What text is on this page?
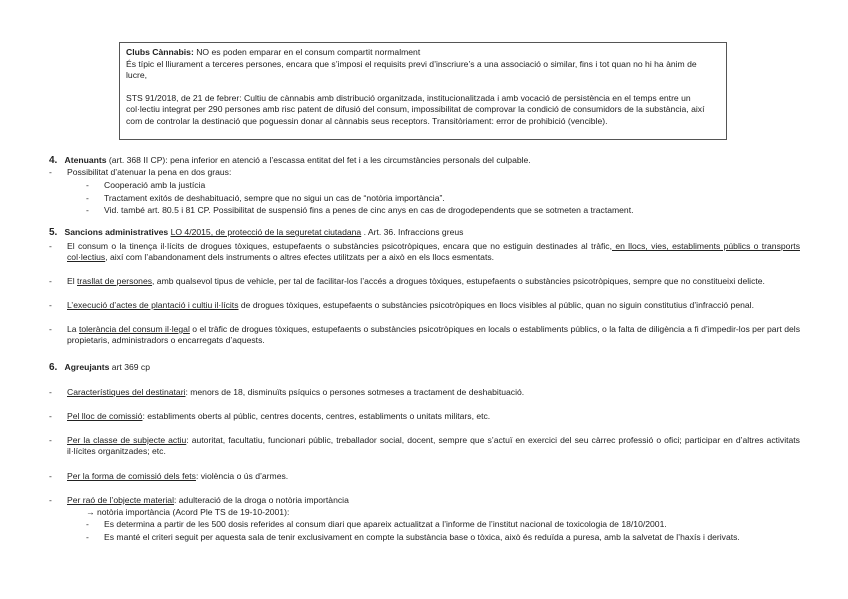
Clubs Cànnabis: NO es poden emparar en el consum compartit normalment

És típic el lliurament a terceres persones, encara que s’imposi el requisits previ d’inscriure’s a una associació o similar, fins i tot quan no hi ha ànim de lucre,

STS 91/2018, de 21 de febrer: Cultiu de cànnabis amb distribució organitzada, institucionalitzada i amb vocació de persistència en el temps entre un col·lectiu integrat per 290 persones amb risc patent de difusió del consum, impossibilitat de comprovar la condició de consumidors de la substància, així com de controlar la destinació que poguessin donar al cànnabis seus receptors. Transitòriament: error de prohibició (vencible).

4. Atenuants (art. 368 II CP): pena inferior en atenció a l’escassa entitat del fet i a les circumstàncies personals del culpable.
- Possibilitat d’atenuar la pena en dos graus:
- Cooperació amb la justícia
- Tractament exitós de deshabituació, sempre que no sigui un cas de “notòria importància”.
- Vid. també art. 80.5 i 81 CP. Possibilitat de suspensió fins a penes de cinc anys en cas de drogodependents que se sotmeten a tractament.
5. Sancions administratives LO 4/2015, de protecció de la seguretat ciutadana . Art. 36. Infraccions greus
- El consum o la tinença il·lícits de drogues tòxiques, estupefaents o substàncies psicotròpiques, encara que no estiguin destinades al tràfic, en llocs, vies, establiments públics o transports col·lectius, així com l’abandonament dels instruments o altres efectes utilitzats per a això en els llocs esmentats.
- El trasllat de persones, amb qualsevol tipus de vehicle, per tal de facilitar-los l’accés a drogues tòxiques, estupefaents o substàncies psicotròpiques, sempre que no constitueixi delicte.
- L’execució d’actes de plantació i cultiu il·lícits de drogues tòxiques, estupefaents o substàncies psicotròpiques en llocs visibles al públic, quan no siguin constitutius d’infracció penal.
- La tolerància del consum il·legal o el tràfic de drogues tòxiques, estupefaents o substàncies psicotròpiques en locals o establiments públics, o la falta de diligència a fi d’impedir-los per part dels propietaris, administradors o encarregats d’aquests.
6. Agreujants art 369 cp
- Característiques del destinatari: menors de 18, disminuïts psíquics o persones sotmeses a tractament de deshabituació.
- Pel lloc de comissió: establiments oberts al públic, centres docents, centres, establiments o unitats militars, etc.
- Per la classe de subjecte actiu: autoritat, facultatiu, funcionari públic, treballador social, docent, sempre que s’actuï en exercici del seu càrrec professió o ofici; participar en d’altres activitats il·lícites organitzades; etc.
- Per la forma de comissió dels fets: violència o ús d’armes.
- Per raó de l’objecte material: adulteració de la droga o notòria importància
→ notòria importància (Acord Ple TS de 19-10-2001):
- Es determina a partir de les 500 dosis referides al consum diari que apareix actualitzat a l’informe de l’institut nacional de toxicologia de 18/10/2001.
- Es manté el criteri seguit per aquesta sala de tenir exclusivament en compte la substància base o tòxica, això és reduïda a puresa, amb la salvetat de l’haxís i derivats.
